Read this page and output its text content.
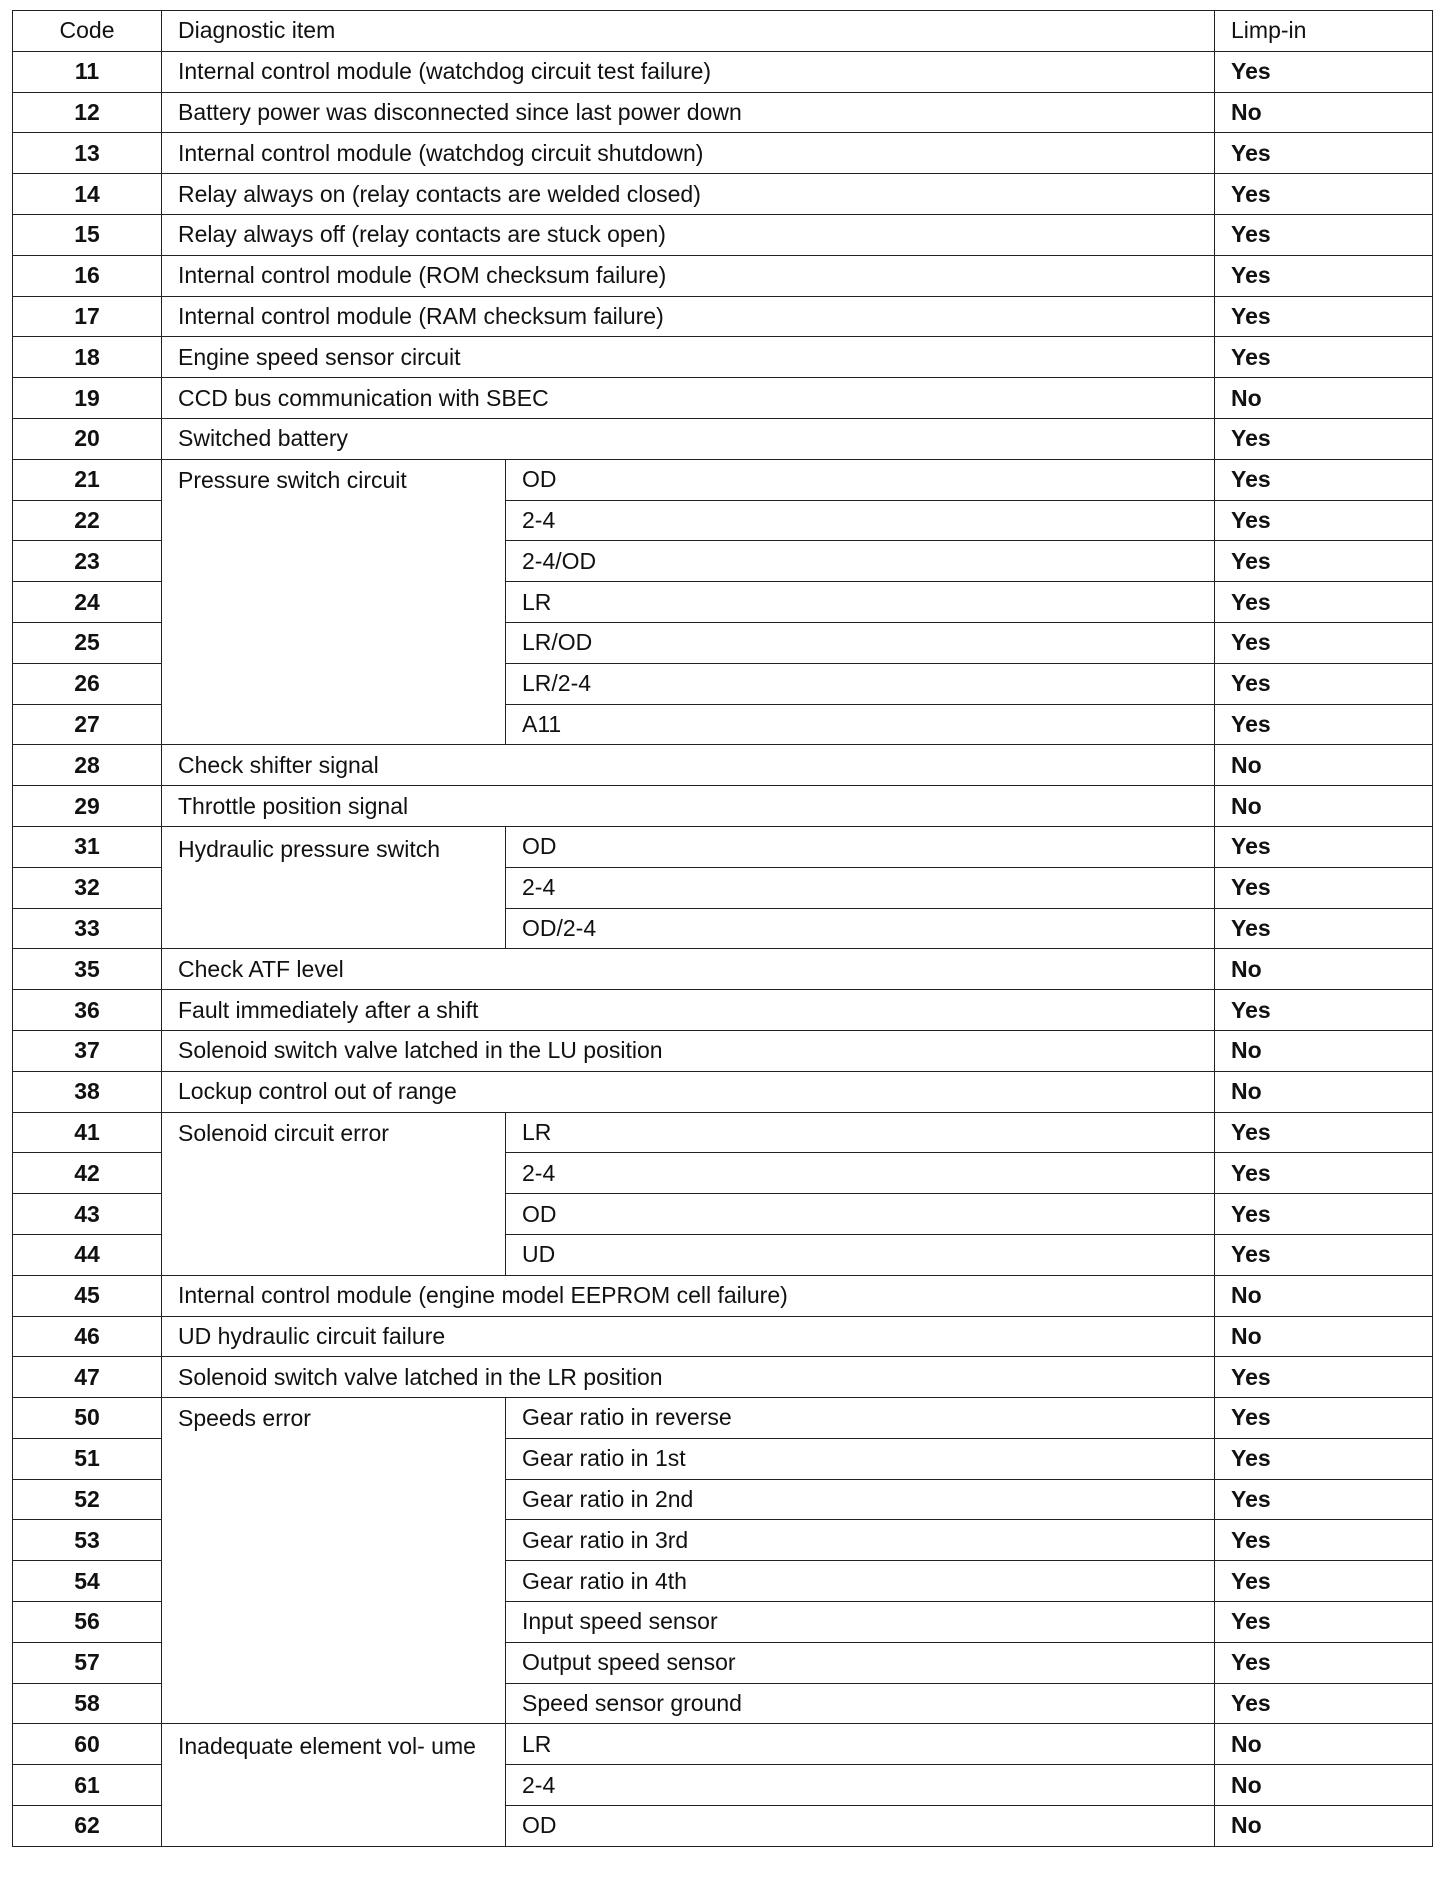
Code	Diagnostic item		Limp-in
11	Internal control module (watchdog circuit test failure)		Yes
12	Battery power was disconnected since last power down		No
13	Internal control module (watchdog circuit shutdown)		Yes
14	Relay always on (relay contacts are welded closed)		Yes
15	Relay always off (relay contacts are stuck open)		Yes
16	Internal control module (ROM checksum failure)		Yes
17	Internal control module (RAM checksum failure)		Yes
18	Engine speed sensor circuit		Yes
19	CCD bus communication with SBEC		No
20	Switched battery		Yes
21	Pressure switch circuit	OD	Yes
22		2-4	Yes
23		2-4/OD	Yes
24		LR	Yes
25		LR/OD	Yes
26		LR/2-4	Yes
27		A11	Yes
28	Check shifter signal		No
29	Throttle position signal		No
31	Hydraulic pressure switch	OD	Yes
32		2-4	Yes
33		OD/2-4	Yes
35	Check ATF level		No
36	Fault immediately after a shift		Yes
37	Solenoid switch valve latched in the LU position		No
38	Lockup control out of range		No
41	Solenoid circuit error	LR	Yes
42		2-4	Yes
43		OD	Yes
44		UD	Yes
45	Internal control module (engine model EEPROM cell failure)		No
46	UD hydraulic circuit failure		No
47	Solenoid switch valve latched in the LR position		Yes
50	Speeds error	Gear ratio in reverse	Yes
51		Gear ratio in 1st	Yes
52		Gear ratio in 2nd	Yes
53		Gear ratio in 3rd	Yes
54		Gear ratio in 4th	Yes
56		Input speed sensor	Yes
57		Output speed sensor	Yes
58		Speed sensor ground	Yes
60	Inadequate element vol- ume	LR	No
61		2-4	No
62		OD	No
